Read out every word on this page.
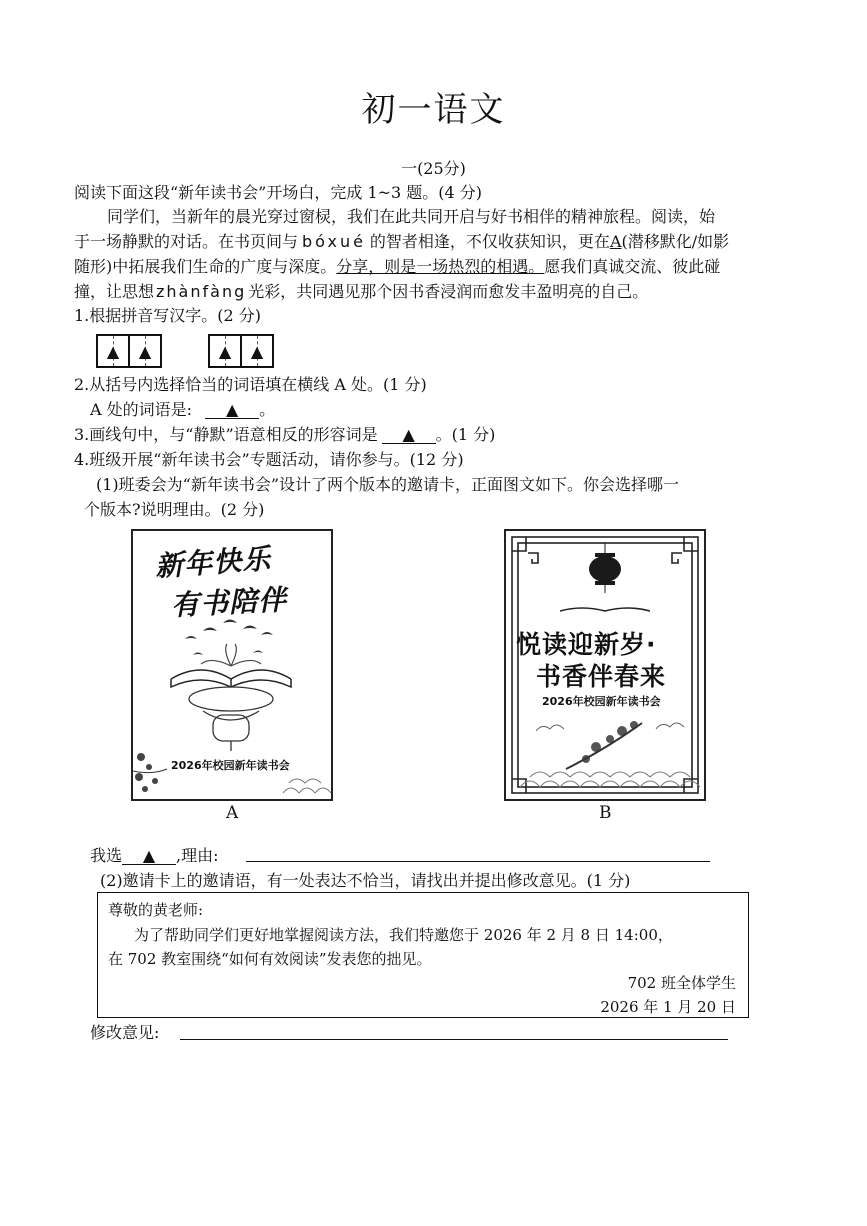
初一语文
一(25分)
阅读下面这段“新年读书会”开场白，完成 1~3 题。(4 分)
同学们，当新年的晨光穿过窗棂，我们在此共同开启与好书相伴的精神旅程。阅读，始
于一场静默的对话。在书页间与 bóxué 的智者相逢，不仅收获知识，更在A(潜移默化/如影
随形)中拓展我们生命的广度与深度。分享，则是一场热烈的相遇。愿我们真诚交流、彼此碰
撞，让思想 zhànfàng 光彩，共同遇见那个因书香浸润而愈发丰盈明亮的自己。
1.根据拼音写汉字。(2 分)
▲ ▲	▲ ▲
2.从括号内选择恰当的词语填在横线 A 处。(1 分)
A 处的词语是: ▲ 。
3.画线句中，与“静默”语意相反的形容词是 ▲ 。(1 分)
4.班级开展“新年读书会”专题活动，请你参与。(12 分)
(1)班委会为“新年读书会”设计了两个版本的邀请卡，正面图文如下。你会选择哪一
个版本?说明理由。(2 分)
新年快乐
有书陪伴
2026年校园新年读书会
A
悦读迎新岁·
书香伴春来
2026年校园新年读书会
B
我选 ▲ ,理由:
(2)邀请卡上的邀请语，有一处表达不恰当，请找出并提出修改意见。(1 分)
尊敬的黄老师:
为了帮助同学们更好地掌握阅读方法，我们特邀您于 2026 年 2 月 8 日 14:00，
在 702 教室围绕“如何有效阅读”发表您的拙见。
702 班全体学生
2026 年 1 月 20 日
修改意见:
